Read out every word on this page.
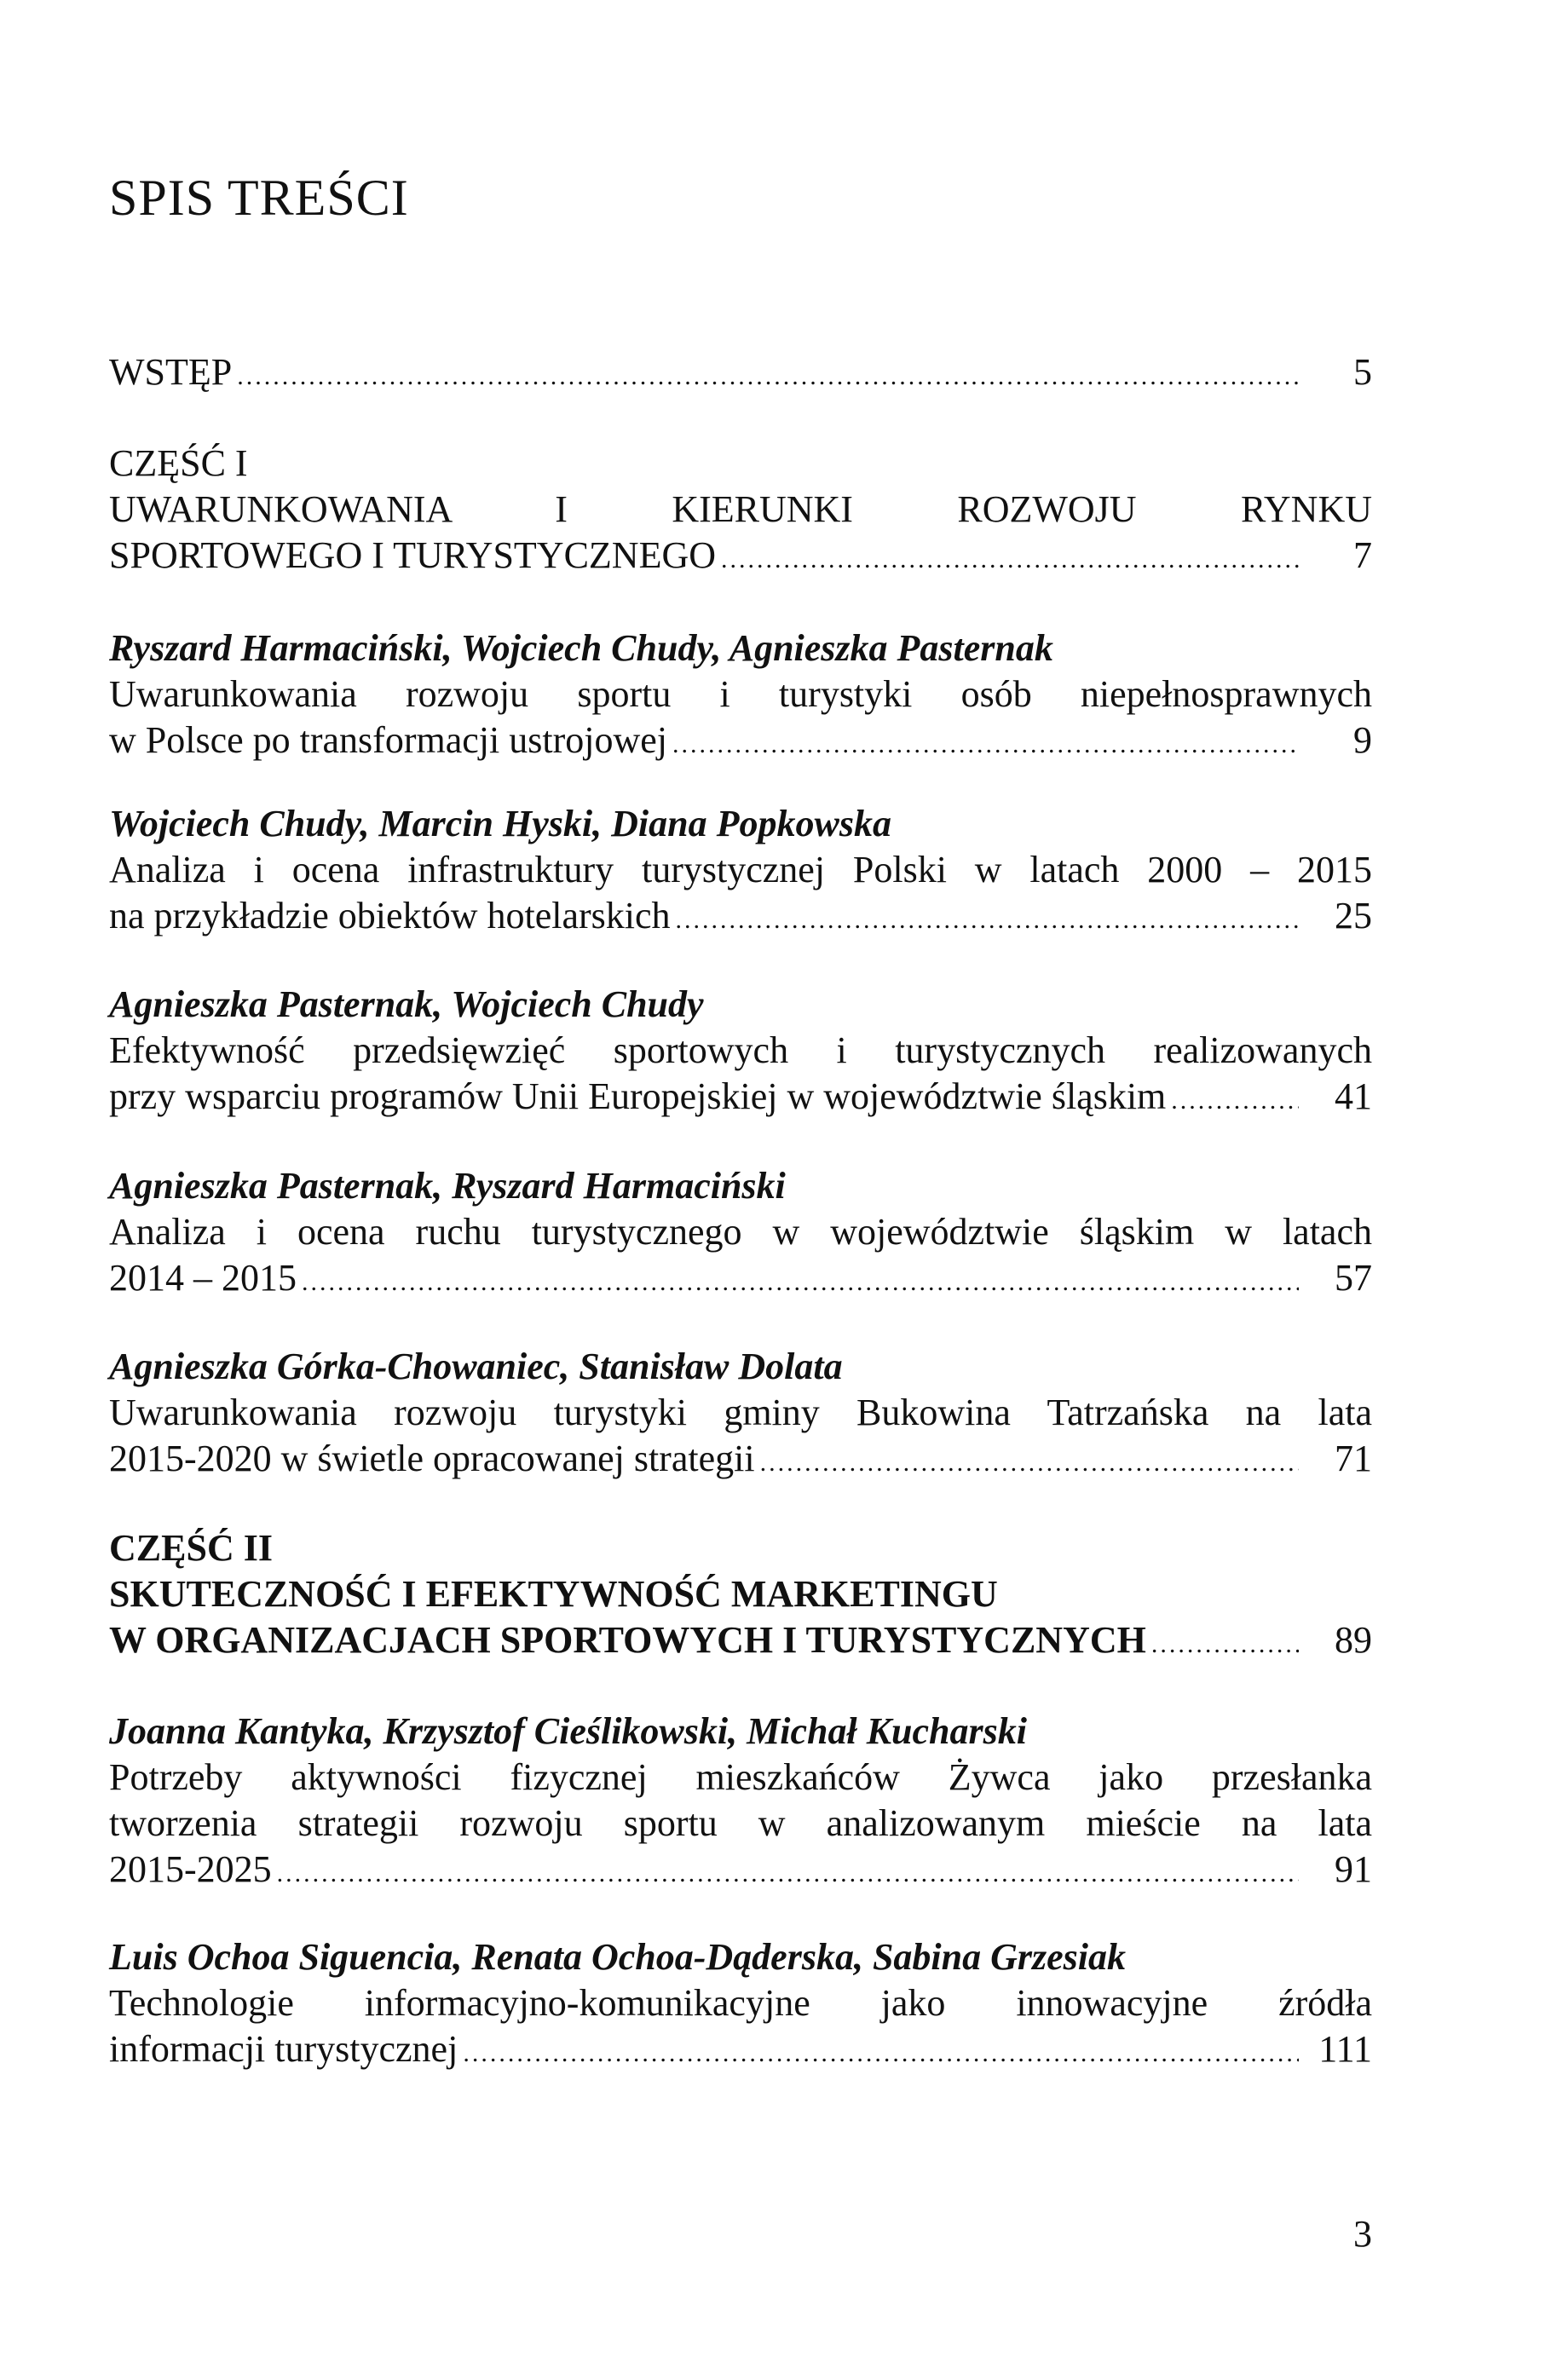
SPIS TREŚCI
WSTĘP .....	5
CZĘŚĆ I
UWARUNKOWANIA I KIERUNKI ROZWOJU RYNKU
SPORTOWEGO I TURYSTYCZNEGO .....	7
Ryszard Harmaciński, Wojciech Chudy, Agnieszka Pasternak
Uwarunkowania rozwoju sportu i turystyki osób niepełnosprawnych
w Polsce po transformacji ustrojowej .....	9
Wojciech Chudy, Marcin Hyski, Diana Popkowska
Analiza i ocena infrastruktury turystycznej Polski w latach 2000 – 2015
na przykładzie obiektów hotelarskich .....	25
Agnieszka Pasternak, Wojciech Chudy
Efektywność przedsięwzięć sportowych i turystycznych realizowanych
przy wsparciu programów Unii Europejskiej w województwie śląskim .....	41
Agnieszka Pasternak, Ryszard Harmaciński
Analiza i ocena ruchu turystycznego w województwie śląskim w latach
2014 – 2015 .....	57
Agnieszka Górka-Chowaniec, Stanisław Dolata
Uwarunkowania rozwoju turystyki gminy Bukowina Tatrzańska na lata
2015-2020 w świetle opracowanej strategii .....	71
CZĘŚĆ II
SKUTECZNOŚĆ I EFEKTYWNOŚĆ MARKETINGU
W ORGANIZACJACH SPORTOWYCH I TURYSTYCZNYCH .....	89
Joanna Kantyka, Krzysztof Cieślikowski, Michał Kucharski
Potrzeby aktywności fizycznej mieszkańców Żywca jako przesłanka
tworzenia strategii rozwoju sportu w analizowanym mieście na lata
2015-2025 .....	91
Luis Ochoa Siguencia, Renata Ochoa-Dąderska, Sabina Grzesiak
Technologie informacyjno-komunikacyjne jako innowacyjne źródła
informacji turystycznej .....	111
3
